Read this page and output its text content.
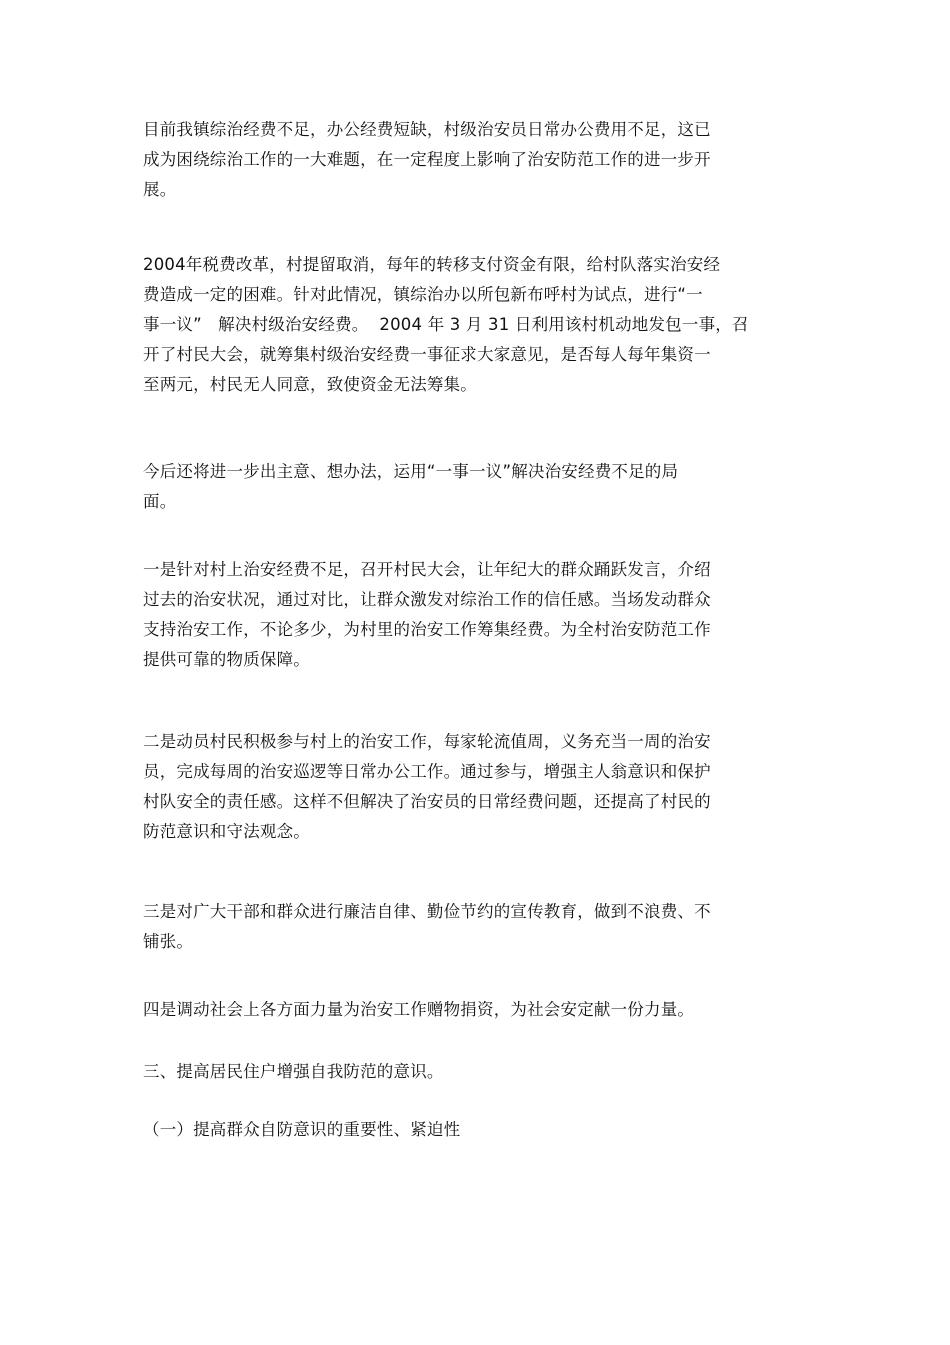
目前我镇综治经费不足，办公经费短缺，村级治安员日常办公费用不足，这已
成为困绕综治工作的一大难题，在一定程度上影响了治安防范工作的进一步开
展。
2004年税费改革，村提留取消，每年的转移支付资金有限，给村队落实治安经
费造成一定的困难。针对此情况，镇综治办以所包新布呼村为试点，进行“一
事一议”   解决村级治安经费。  2004 年 3 月 31 日利用该村机动地发包一事，召
开了村民大会，就筹集村级治安经费一事征求大家意见，是否每人每年集资一
至两元，村民无人同意，致使资金无法筹集。
今后还将进一步出主意、想办法，运用“一事一议”解决治安经费不足的局
面。
一是针对村上治安经费不足，召开村民大会，让年纪大的群众踊跃发言，介绍
过去的治安状况，通过对比，让群众激发对综治工作的信任感。当场发动群众
支持治安工作，不论多少，为村里的治安工作筹集经费。为全村治安防范工作
提供可靠的物质保障。
二是动员村民积极参与村上的治安工作，每家轮流值周，义务充当一周的治安
员，完成每周的治安巡逻等日常办公工作。通过参与，增强主人翁意识和保护
村队安全的责任感。这样不但解决了治安员的日常经费问题，还提高了村民的
防范意识和守法观念。
三是对广大干部和群众进行廉洁自律、勤俭节约的宣传教育，做到不浪费、不
铺张。
四是调动社会上各方面力量为治安工作赠物捐资，为社会安定献一份力量。
三、提高居民住户增强自我防范的意识。
（一）提高群众自防意识的重要性、紧迫性
